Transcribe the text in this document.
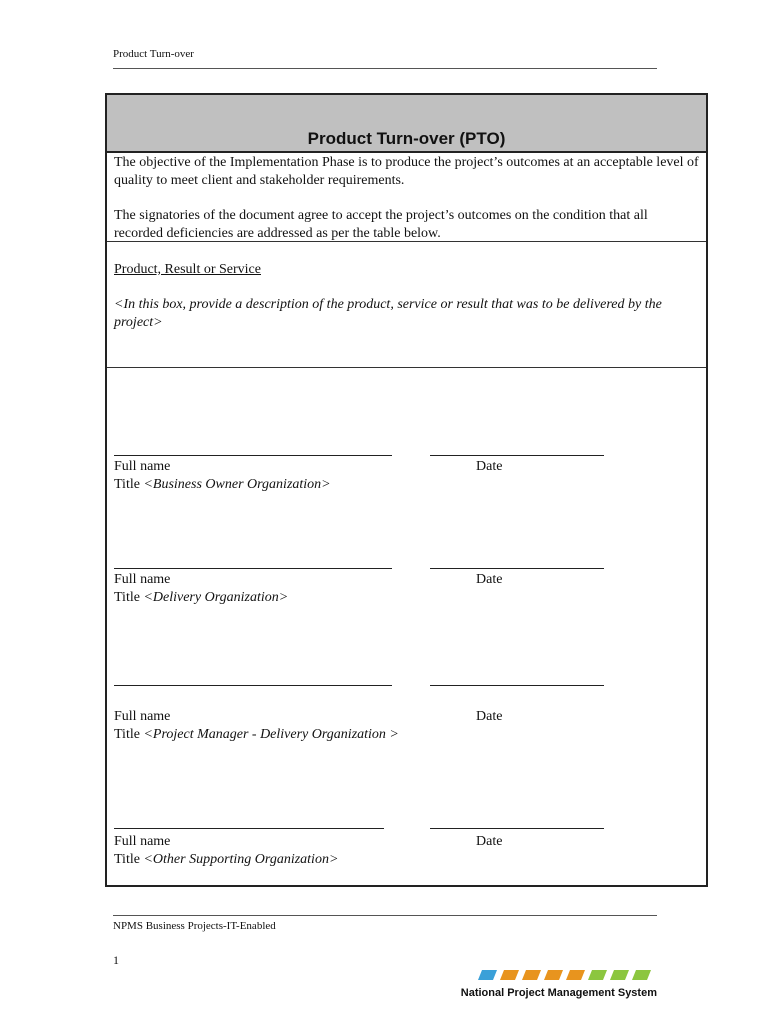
Product Turn-over
Product Turn-over (PTO)
The objective of the Implementation Phase is to produce the project’s outcomes at an acceptable level of quality to meet client and stakeholder requirements.
The signatories of the document agree to accept the project’s outcomes on the condition that all recorded deficiencies are addressed as per the table below.
Product, Result or Service
<In this box, provide a description of the product, service or result that was to be delivered by the project>
Full name	Date
Title <Business Owner Organization>
Full name	Date
Title <Delivery Organization>
Full name	Date
Title <Project Manager - Delivery Organization >
Full name	Date
Title <Other Supporting Organization>
NPMS Business Projects-IT-Enabled
1
National Project Management System
